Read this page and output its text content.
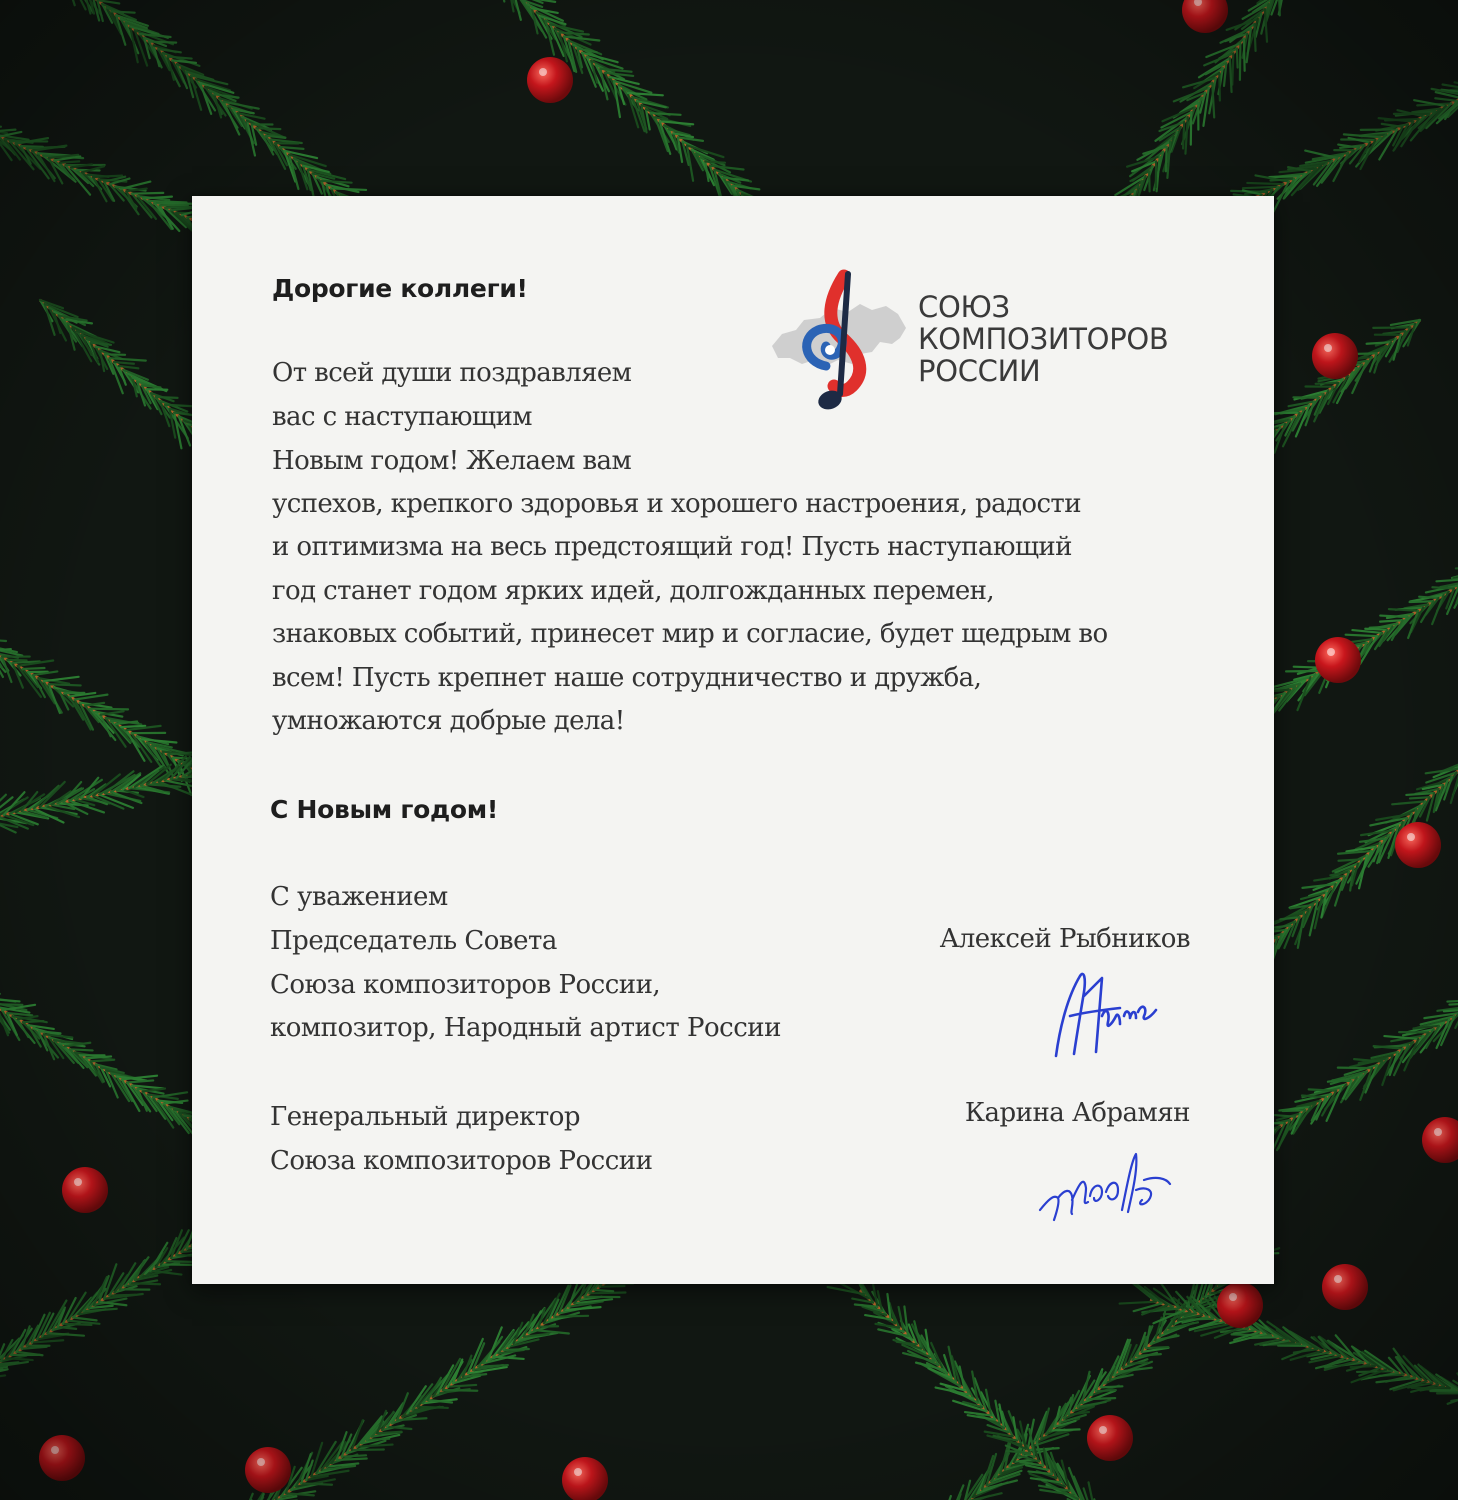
Дорогие коллеги!

СОЮЗ
КОМПОЗИТОРОВ
РОССИИ

От всей души поздравляем

вас с наступающим

Новым годом! Желаем вам

успехов, крепкого здоровья и хорошего настроения, радости

и оптимизма на весь предстоящий год! Пусть наступающий

год станет годом ярких идей, долгожданных перемен,

знаковых событий, принесет мир и согласие, будет щедрым во

всем! Пусть крепнет наше сотрудничество и дружба,

умножаются добрые дела!

С Новым годом!

С уважением

Председатель Совета

Союза композиторов России,

композитор, Народный артист России

Алексей Рыбников

Генеральный директор

Союза композиторов России

Карина Абрамян
